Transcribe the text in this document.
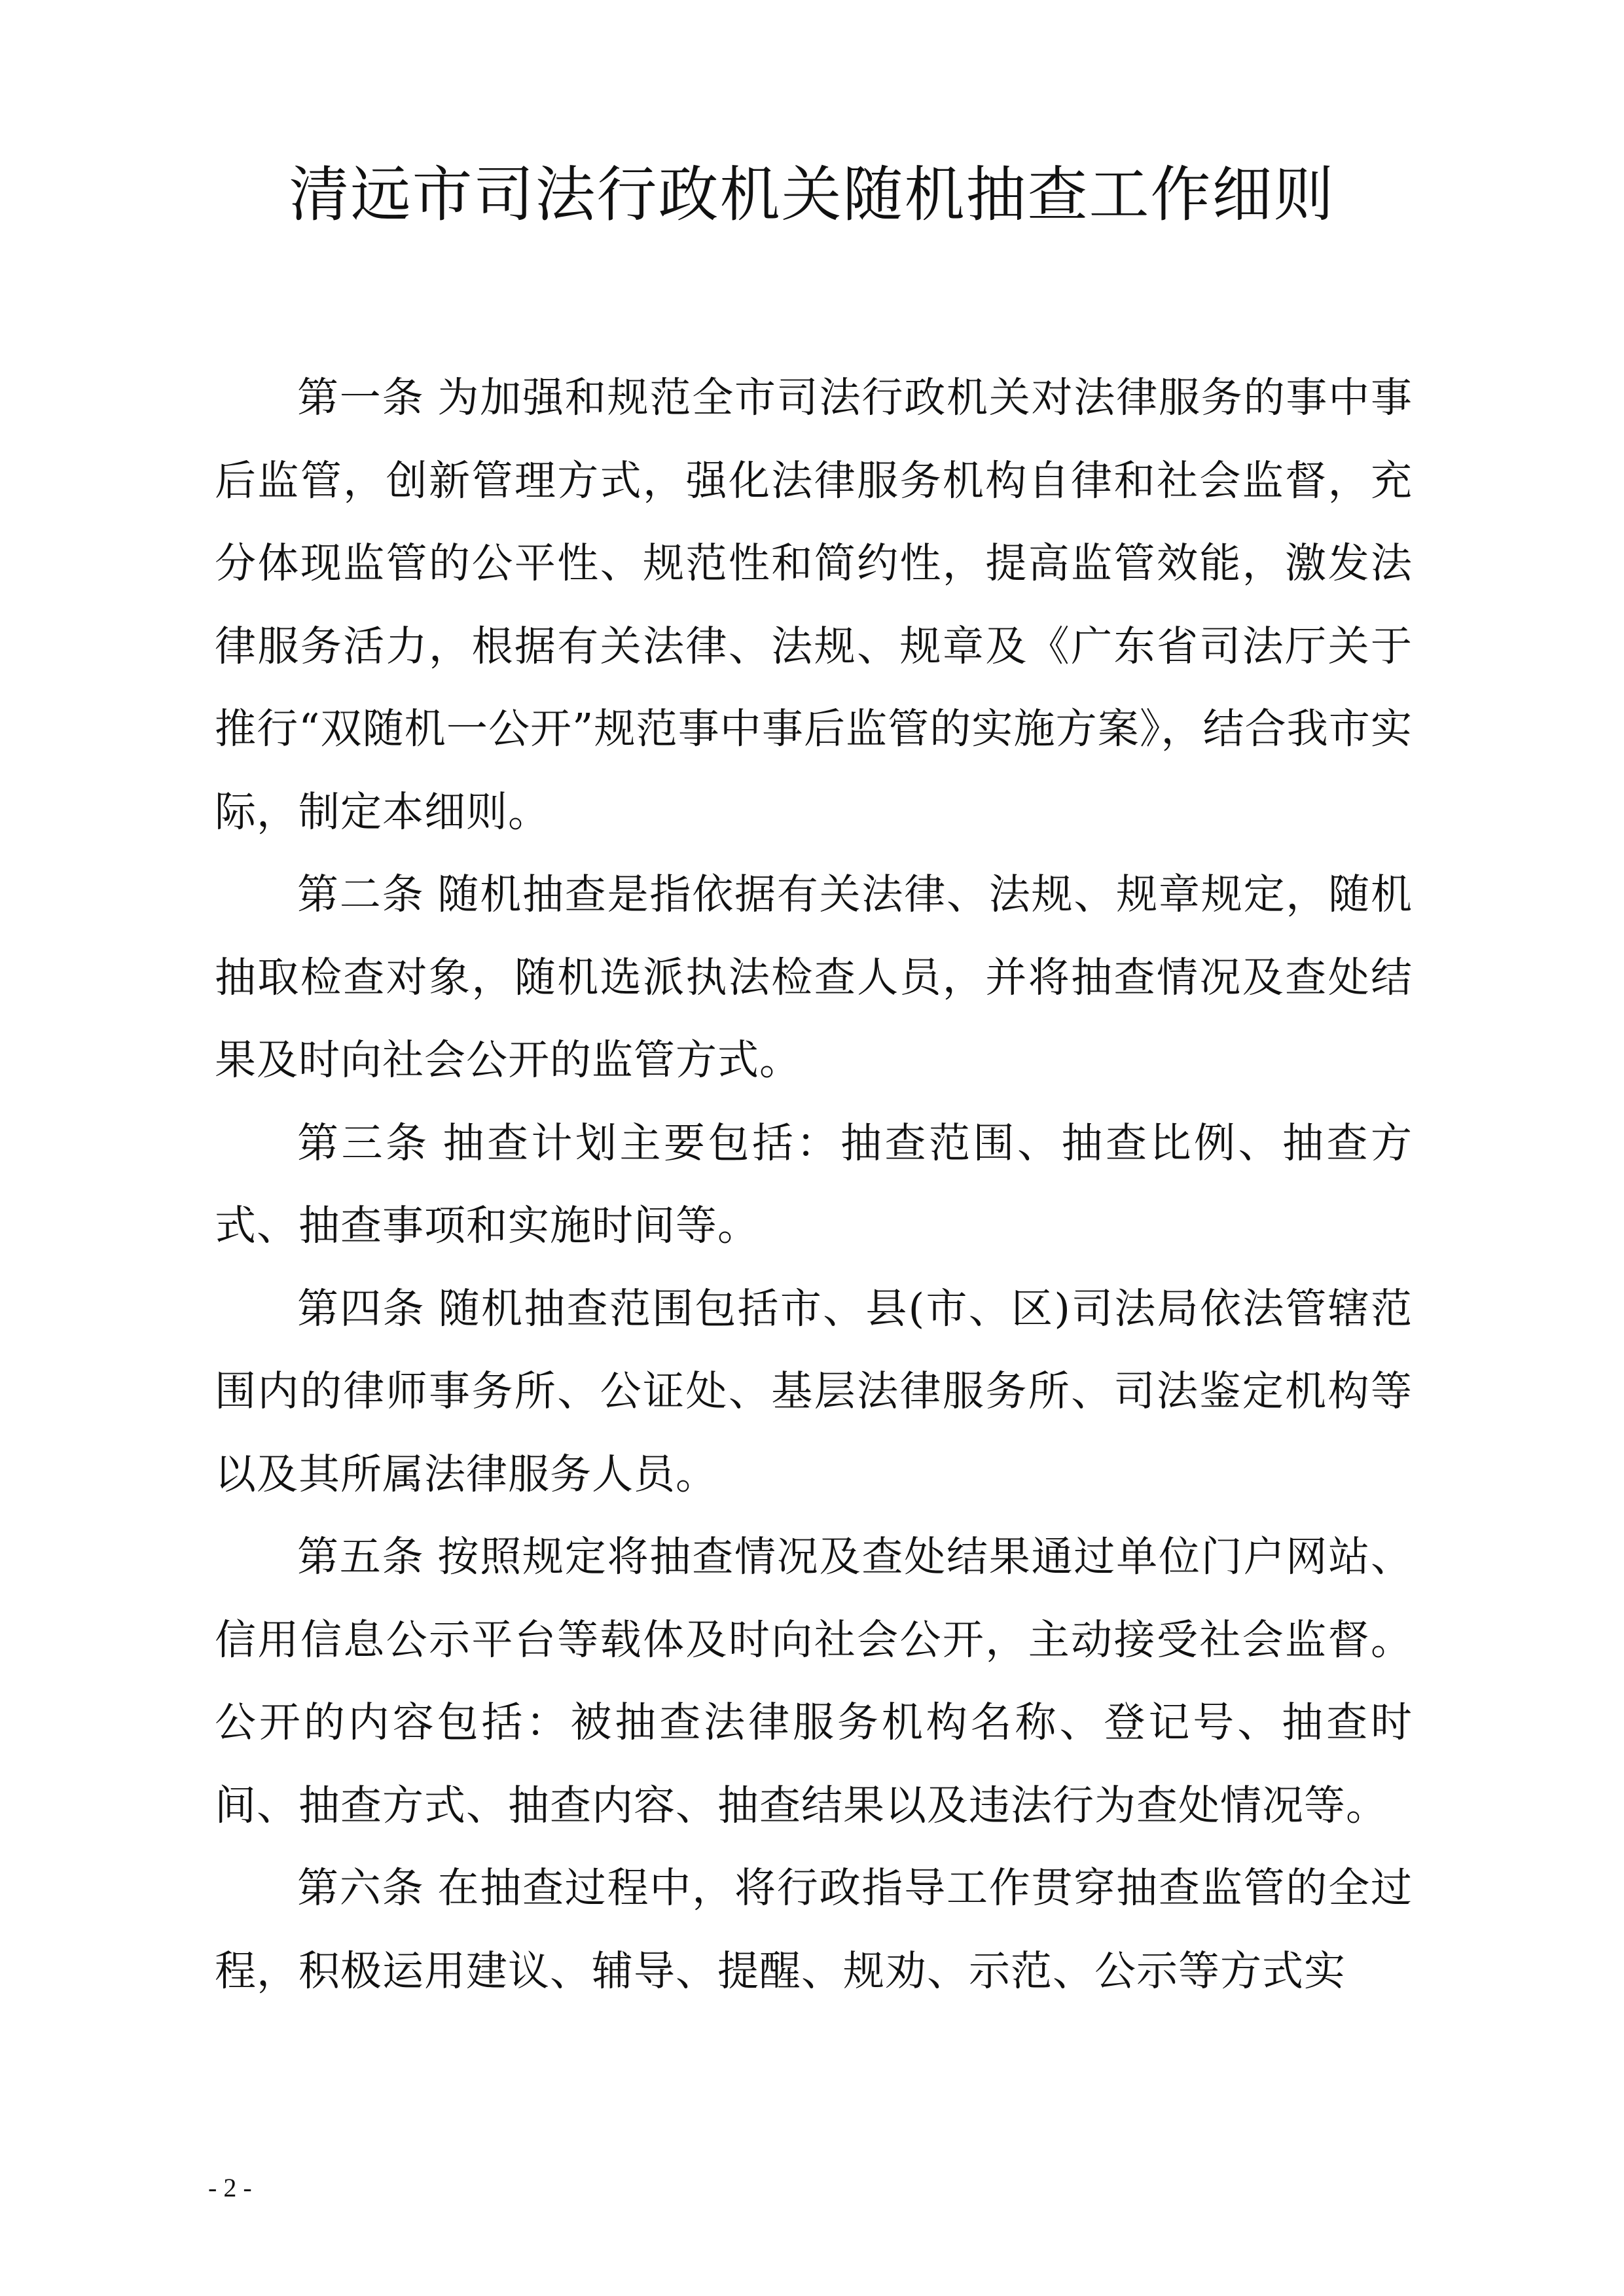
清远市司法行政机关随机抽查工作细则

第一条 为加强和规范全市司法行政机关对法律服务的事中事后监管，创新管理方式，强化法律服务机构自律和社会监督，充分体现监管的公平性、规范性和简约性，提高监管效能，激发法律服务活力，根据有关法律、法规、规章及《广东省司法厅关于推行“双随机一公开”规范事中事后监管的实施方案》，结合我市实际，制定本细则。

第二条 随机抽查是指依据有关法律、法规、规章规定，随机抽取检查对象，随机选派执法检查人员，并将抽查情况及查处结果及时向社会公开的监管方式。

第三条 抽查计划主要包括：抽查范围、抽查比例、抽查方式、抽查事项和实施时间等。

第四条 随机抽查范围包括市、县(市、区)司法局依法管辖范围内的律师事务所、公证处、基层法律服务所、司法鉴定机构等以及其所属法律服务人员。

第五条 按照规定将抽查情况及查处结果通过单位门户网站、信用信息公示平台等载体及时向社会公开，主动接受社会监督。公开的内容包括：被抽查法律服务机构名称、登记号、抽查时间、抽查方式、抽查内容、抽查结果以及违法行为查处情况等。

第六条 在抽查过程中，将行政指导工作贯穿抽查监管的全过程，积极运用建议、辅导、提醒、规劝、示范、公示等方式实

- 2 -
